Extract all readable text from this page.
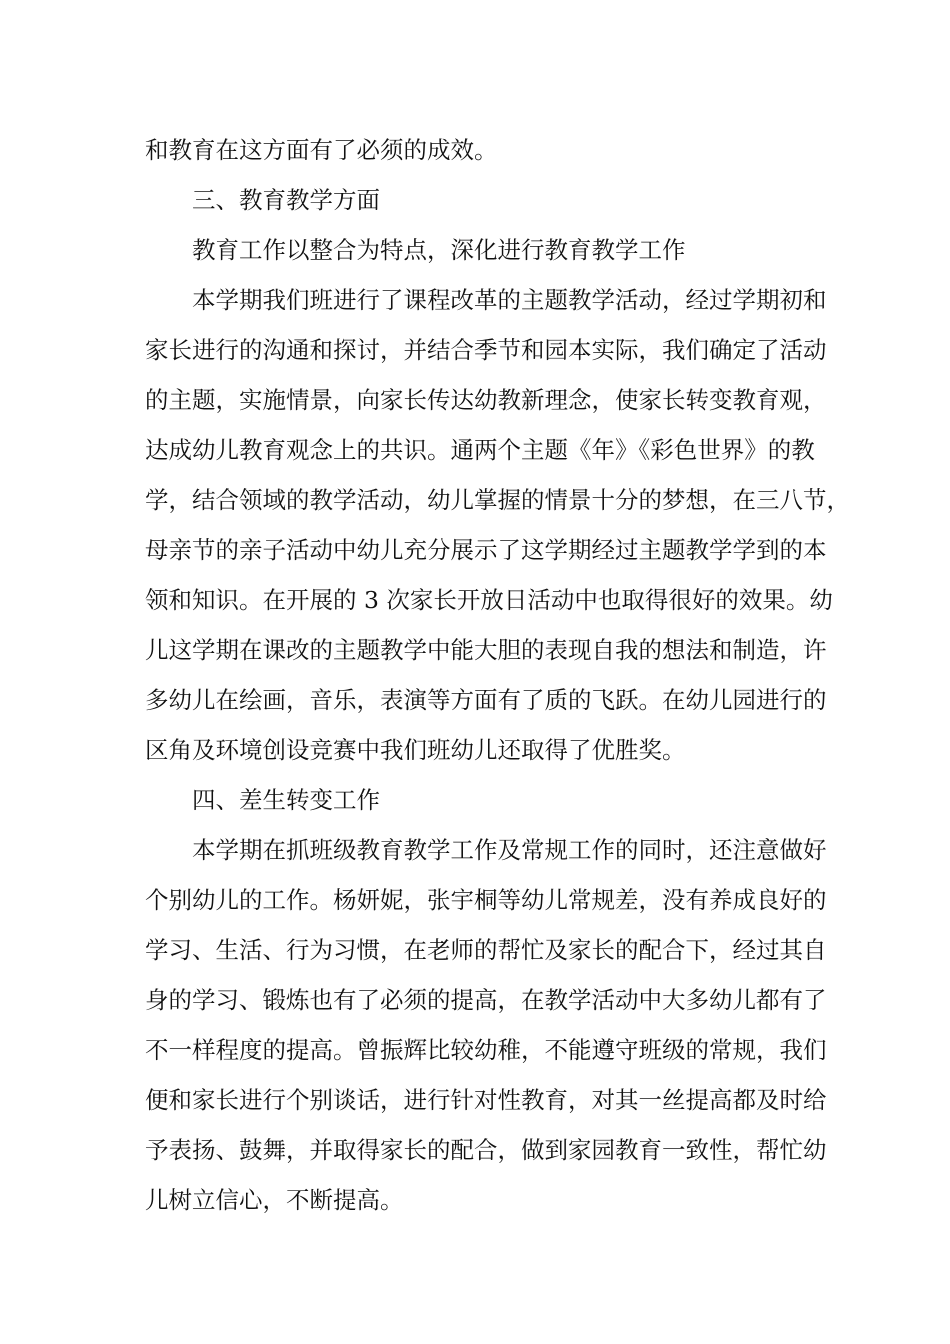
和教育在这方面有了必须的成效。
三、教育教学方面
教育工作以整合为特点，深化进行教育教学工作
本学期我们班进行了课程改革的主题教学活动，经过学期初和
家长进行的沟通和探讨，并结合季节和园本实际，我们确定了活动
的主题，实施情景，向家长传达幼教新理念，使家长转变教育观，
达成幼儿教育观念上的共识。通两个主题《年》《彩色世界》的教
学，结合领域的教学活动，幼儿掌握的情景十分的梦想，在三八节，
母亲节的亲子活动中幼儿充分展示了这学期经过主题教学学到的本
领和知识。在开展的 3 次家长开放日活动中也取得很好的效果。幼
儿这学期在课改的主题教学中能大胆的表现自我的想法和制造，许
多幼儿在绘画，音乐，表演等方面有了质的飞跃。在幼儿园进行的
区角及环境创设竞赛中我们班幼儿还取得了优胜奖。
四、差生转变工作
本学期在抓班级教育教学工作及常规工作的同时，还注意做好
个别幼儿的工作。杨妍妮，张宇桐等幼儿常规差，没有养成良好的
学习、生活、行为习惯，在老师的帮忙及家长的配合下，经过其自
身的学习、锻炼也有了必须的提高，在教学活动中大多幼儿都有了
不一样程度的提高。曾振辉比较幼稚，不能遵守班级的常规，我们
便和家长进行个别谈话，进行针对性教育，对其一丝提高都及时给
予表扬、鼓舞，并取得家长的配合，做到家园教育一致性，帮忙幼
儿树立信心，不断提高。
